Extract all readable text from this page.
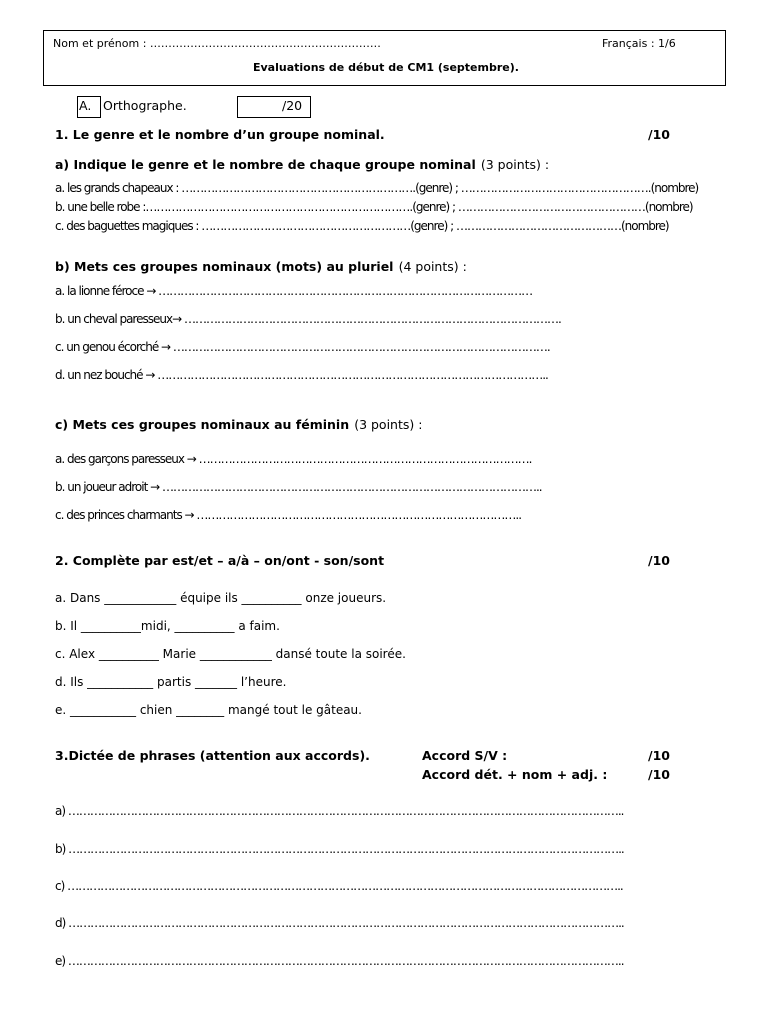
Nom et prénom : ………………………………………………………	Français : 1/6
Evaluations de début de CM1 (septembre).
A. Orthographe.	/20
1. Le genre et le nombre d’un groupe nominal.	/10
a) Indique le genre et le nombre de chaque groupe nominal (3 points) :
a. les grands chapeaux : ……………………………………………………….(genre) ; …………………………………………….(nombre)
b. une belle robe :……………………………………………………………….(genre) ; ……………………………………………(nombre)
c. des baguettes magiques : …………………………………………………(genre) ; ………………………………………(nombre)
b) Mets ces groupes nominaux (mots) au pluriel (4 points) :
a. la lionne féroce → …………………………………………………………………………………………
b. un cheval paresseux→ ………………………………………………………………………………………….
c. un genou écorché → ………………………………………………………………………………………….
d. un nez bouché → ……………………………………………………………………………………………..
c) Mets ces groupes nominaux au féminin (3 points) :
a. des garçons paresseux → ……………………………………………………………………………….
b. un joueur adroit → …………………………………………………………………………………………..
c. des princes charmants → ……………………………………………………………………………..
2. Complète par est/et – a/à – on/ont - son/sont	/10
a. Dans ____________ équipe ils __________ onze joueurs.
b. Il __________midi, __________ a faim.
c. Alex __________ Marie ____________ dansé toute la soirée.
d. Ils ___________ partis _______ l’heure.
e. ___________ chien ________ mangé tout le gâteau.
3.Dictée de phrases (attention aux accords).	Accord S/V :	/10
Accord dét. + nom + adj. :	/10
a) ……………………………………………………………………………………………………………………………………..
b) ……………………………………………………………………………………………………………………………………..
c) ……………………………………………………………………………………………………………………………………..
d) ……………………………………………………………………………………………………………………………………..
e) ……………………………………………………………………………………………………………………………………..
